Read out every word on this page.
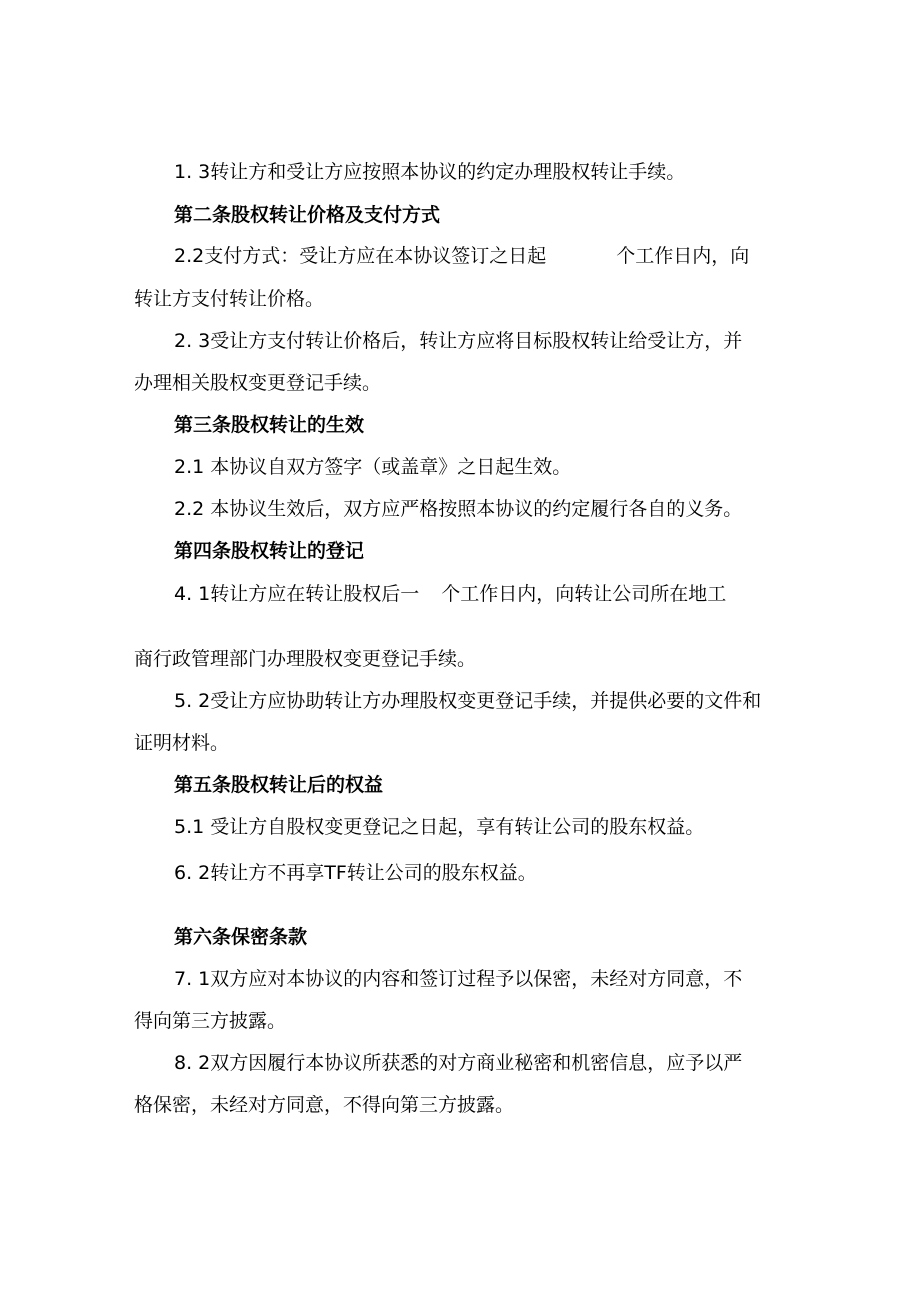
1. 3转让方和受让方应按照本协议的约定办理股权转让手续。
第二条股权转让价格及支付方式
2.2支付方式：受让方应在本协议签订之日起	个工作日内，向
转让方支付转让价格。
2. 3受让方支付转让价格后，转让方应将目标股权转让给受让方，并
办理相关股权变更登记手续。
第三条股权转让的生效
2.1 本协议自双方签字（或盖章》之日起生效。
2.2 本协议生效后，双方应严格按照本协议的约定履行各自的义务。
第四条股权转让的登记
4. 1转让方应在转让股权后一 个工作日内，向转让公司所在地工
商行政管理部门办理股权变更登记手续。
5. 2受让方应协助转让方办理股权变更登记手续，并提供必要的文件和
证明材料。
第五条股权转让后的权益
5.1 受让方自股权变更登记之日起，享有转让公司的股东权益。
6. 2转让方不再享TF转让公司的股东权益。
第六条保密条款
7. 1双方应对本协议的内容和签订过程予以保密，未经对方同意，不
得向第三方披露。
8. 2双方因履行本协议所获悉的对方商业秘密和机密信息，应予以严
格保密，未经对方同意，不得向第三方披露。
